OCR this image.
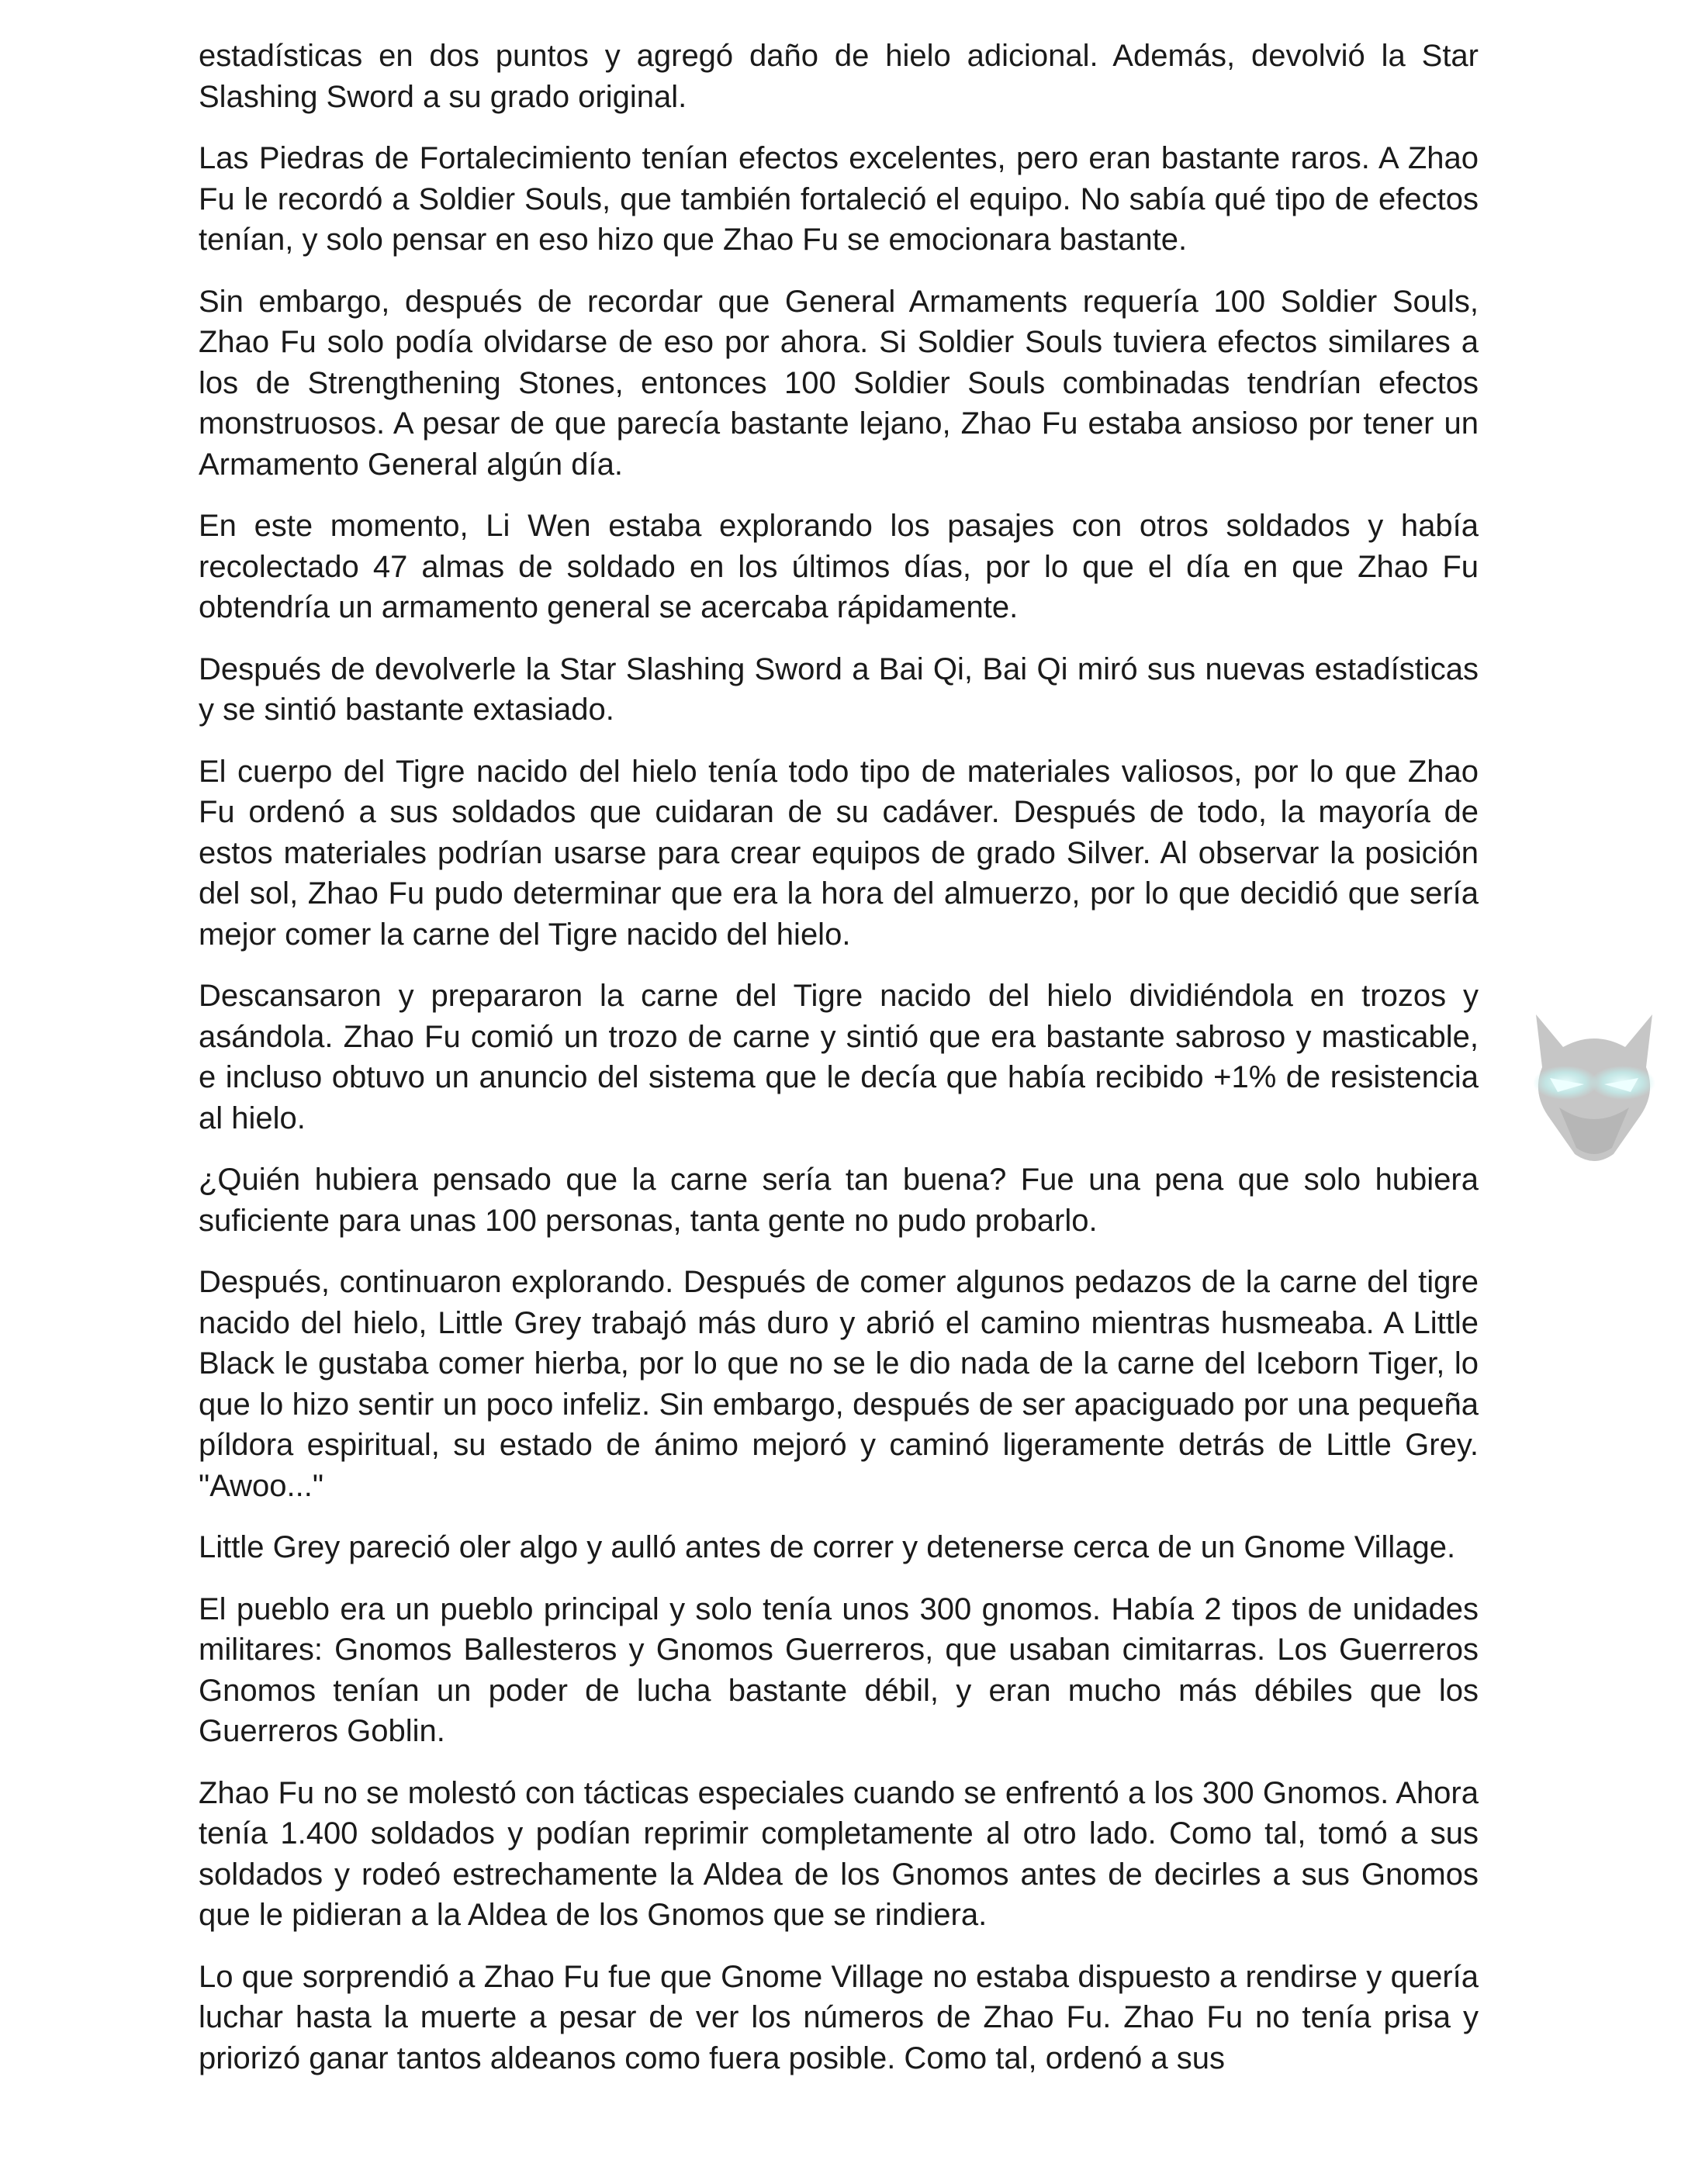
estadísticas en dos puntos y agregó daño de hielo adicional. Además, devolvió la Star Slashing Sword a su grado original.

Las Piedras de Fortalecimiento tenían efectos excelentes, pero eran bastante raros. A Zhao Fu le recordó a Soldier Souls, que también fortaleció el equipo. No sabía qué tipo de efectos tenían, y solo pensar en eso hizo que Zhao Fu se emocionara bastante.

Sin embargo, después de recordar que General Armaments requería 100 Soldier Souls, Zhao Fu solo podía olvidarse de eso por ahora. Si Soldier Souls tuviera efectos similares a los de Strengthening Stones, entonces 100 Soldier Souls combinadas tendrían efectos monstruosos. A pesar de que parecía bastante lejano, Zhao Fu estaba ansioso por tener un Armamento General algún día.

En este momento, Li Wen estaba explorando los pasajes con otros soldados y había recolectado 47 almas de soldado en los últimos días, por lo que el día en que Zhao Fu obtendría un armamento general se acercaba rápidamente.

Después de devolverle la Star Slashing Sword a Bai Qi, Bai Qi miró sus nuevas estadísticas y se sintió bastante extasiado.

El cuerpo del Tigre nacido del hielo tenía todo tipo de materiales valiosos, por lo que Zhao Fu ordenó a sus soldados que cuidaran de su cadáver. Después de todo, la mayoría de estos materiales podrían usarse para crear equipos de grado Silver. Al observar la posición del sol, Zhao Fu pudo determinar que era la hora del almuerzo, por lo que decidió que sería mejor comer la carne del Tigre nacido del hielo.

Descansaron y prepararon la carne del Tigre nacido del hielo dividiéndola en trozos y asándola. Zhao Fu comió un trozo de carne y sintió que era bastante sabroso y masticable, e incluso obtuvo un anuncio del sistema que le decía que había recibido +1% de resistencia al hielo.

¿Quién hubiera pensado que la carne sería tan buena? Fue una pena que solo hubiera suficiente para unas 100 personas, tanta gente no pudo probarlo.

Después, continuaron explorando. Después de comer algunos pedazos de la carne del tigre nacido del hielo, Little Grey trabajó más duro y abrió el camino mientras husmeaba. A Little Black le gustaba comer hierba, por lo que no se le dio nada de la carne del Iceborn Tiger, lo que lo hizo sentir un poco infeliz. Sin embargo, después de ser apaciguado por una pequeña píldora espiritual, su estado de ánimo mejoró y caminó ligeramente detrás de Little Grey. "Awoo..."

Little Grey pareció oler algo y aulló antes de correr y detenerse cerca de un Gnome Village.

El pueblo era un pueblo principal y solo tenía unos 300 gnomos. Había 2 tipos de unidades militares: Gnomos Ballesteros y Gnomos Guerreros, que usaban cimitarras. Los Guerreros Gnomos tenían un poder de lucha bastante débil, y eran mucho más débiles que los Guerreros Goblin.

Zhao Fu no se molestó con tácticas especiales cuando se enfrentó a los 300 Gnomos. Ahora tenía 1.400 soldados y podían reprimir completamente al otro lado. Como tal, tomó a sus soldados y rodeó estrechamente la Aldea de los Gnomos antes de decirles a sus Gnomos que le pidieran a la Aldea de los Gnomos que se rindiera.

Lo que sorprendió a Zhao Fu fue que Gnome Village no estaba dispuesto a rendirse y quería luchar hasta la muerte a pesar de ver los números de Zhao Fu. Zhao Fu no tenía prisa y priorizó ganar tantos aldeanos como fuera posible. Como tal, ordenó a sus
